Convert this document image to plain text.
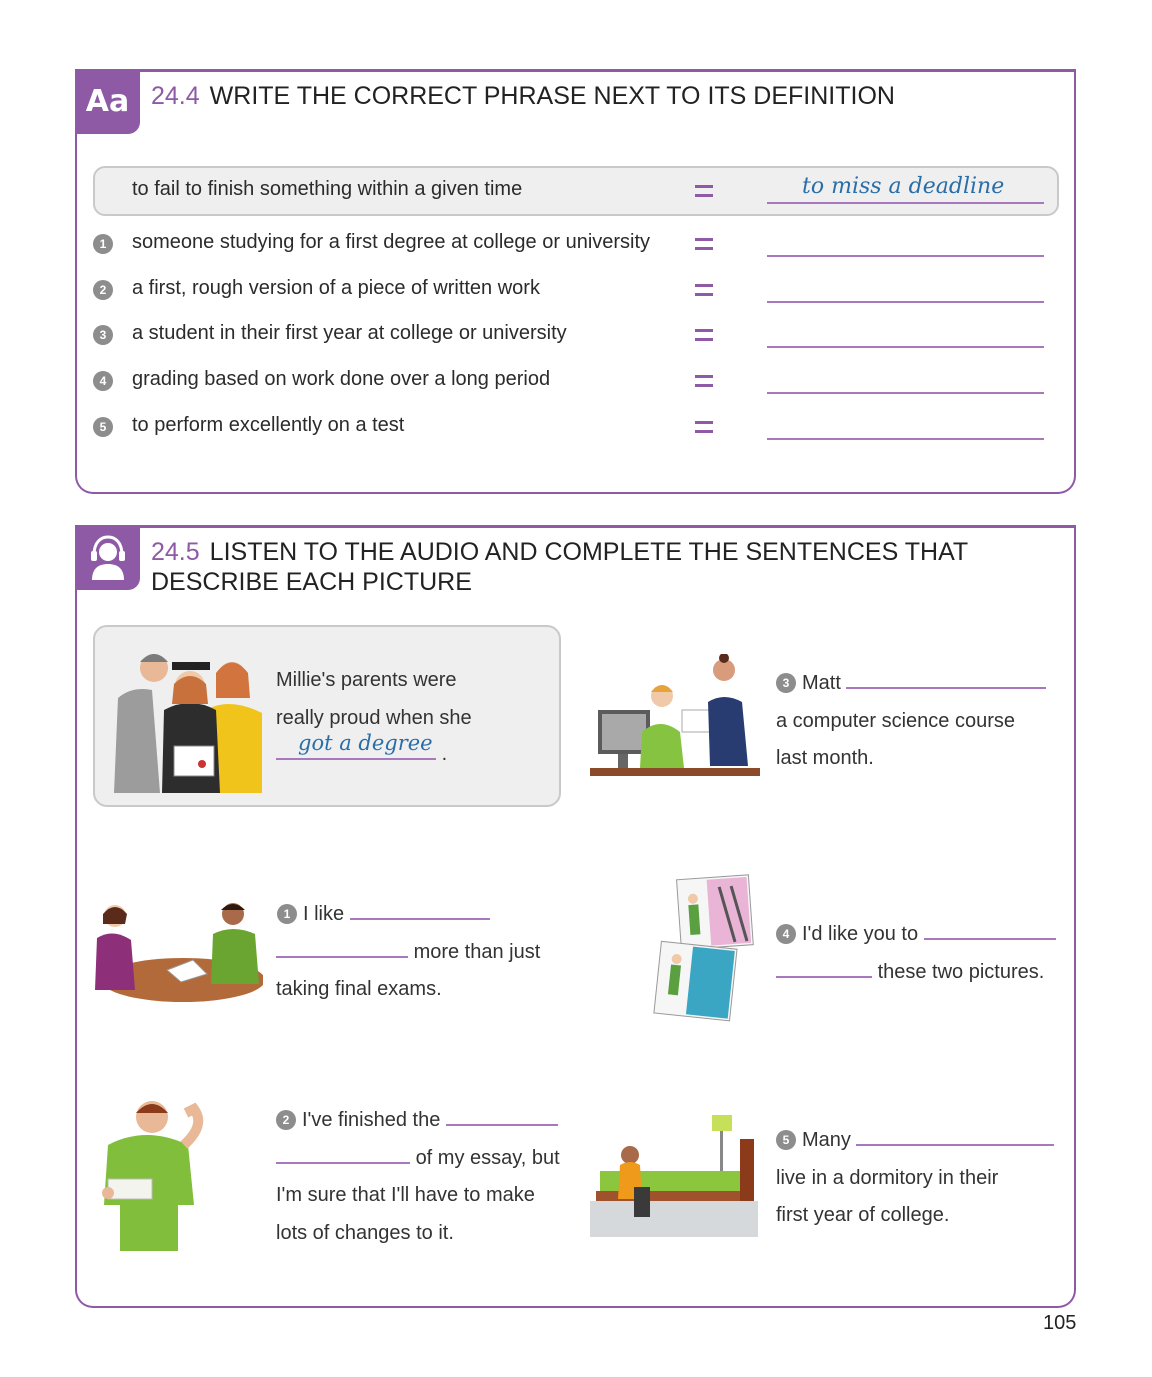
Aa 24.4 WRITE THE CORRECT PHRASE NEXT TO ITS DEFINITION
to fail to finish something within a given time	to miss a deadline
1	someone studying for a first degree at college or university
2	a first, rough version of a piece of written work
3	a student in their first year at college or university
4	grading based on work done over a long period
5	to perform excellently on a test
24.5 LISTEN TO THE AUDIO AND COMPLETE THE SENTENCES THAT DESCRIBE EACH PICTURE
Millie's parents were
really proud when she
got a degree .
3 Matt
a computer science course
last month.
1 I like
more than just
taking final exams.
4 I'd like you to
these two pictures.
2 I've finished the
of my essay, but
I'm sure that I'll have to make
lots of changes to it.
5 Many
live in a dormitory in their
first year of college.
105
